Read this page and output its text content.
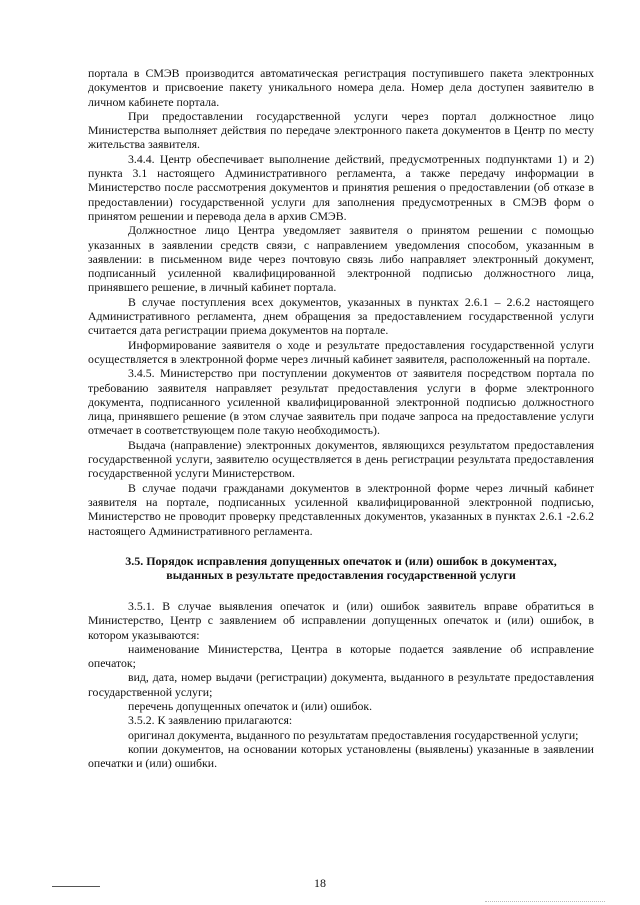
портала в СМЭВ производится автоматическая регистрация поступившего пакета электронных документов и присвоение пакету уникального номера дела. Номер дела доступен заявителю в личном кабинете портала.

При предоставлении государственной услуги через портал должностное лицо Министерства выполняет действия по передаче электронного пакета документов в Центр по месту жительства заявителя.

3.4.4. Центр обеспечивает выполнение действий, предусмотренных подпунктами 1) и 2) пункта 3.1 настоящего Административного регламента, а также передачу информации в Министерство после рассмотрения документов и принятия решения о предоставлении (об отказе в предоставлении) государственной услуги для заполнения предусмотренных в СМЭВ форм о принятом решении и перевода дела в архив СМЭВ.

Должностное лицо Центра уведомляет заявителя о принятом решении с помощью указанных в заявлении средств связи, с направлением уведомления способом, указанным в заявлении: в письменном виде через почтовую связь либо направляет электронный документ, подписанный усиленной квалифицированной электронной подписью должностного лица, принявшего решение, в личный кабинет портала.

В случае поступления всех документов, указанных в пунктах 2.6.1 – 2.6.2 настоящего Административного регламента, днем обращения за предоставлением государственной услуги считается дата регистрации приема документов на портале.

Информирование заявителя о ходе и результате предоставления государственной услуги осуществляется в электронной форме через личный кабинет заявителя, расположенный на портале.

3.4.5. Министерство при поступлении документов от заявителя посредством портала по требованию заявителя направляет результат предоставления услуги в форме электронного документа, подписанного усиленной квалифицированной электронной подписью должностного лица, принявшего решение (в этом случае заявитель при подаче запроса на предоставление услуги отмечает в соответствующем поле такую необходимость).

Выдача (направление) электронных документов, являющихся результатом предоставления государственной услуги, заявителю осуществляется в день регистрации результата предоставления государственной услуги Министерством.

В случае подачи гражданами документов в электронной форме через личный кабинет заявителя на портале, подписанных усиленной квалифицированной электронной подписью, Министерство не проводит проверку представленных документов, указанных в пунктах 2.6.1 -2.6.2 настоящего Административного регламента.

3.5. Порядок исправления допущенных опечаток и (или) ошибок в документах, выданных в результате предоставления государственной услуги

3.5.1. В случае выявления опечаток и (или) ошибок заявитель вправе обратиться в Министерство, Центр с заявлением об исправлении допущенных опечаток и (или) ошибок, в котором указываются:

наименование Министерства, Центра в которые подается заявление об исправление опечаток;

вид, дата, номер выдачи (регистрации) документа, выданного в результате предоставления государственной услуги;

перечень допущенных опечаток и (или) ошибок.

3.5.2. К заявлению прилагаются:

оригинал документа, выданного по результатам предоставления государственной услуги;

копии документов, на основании которых установлены (выявлены) указанные в заявлении опечатки и (или) ошибки.

18
